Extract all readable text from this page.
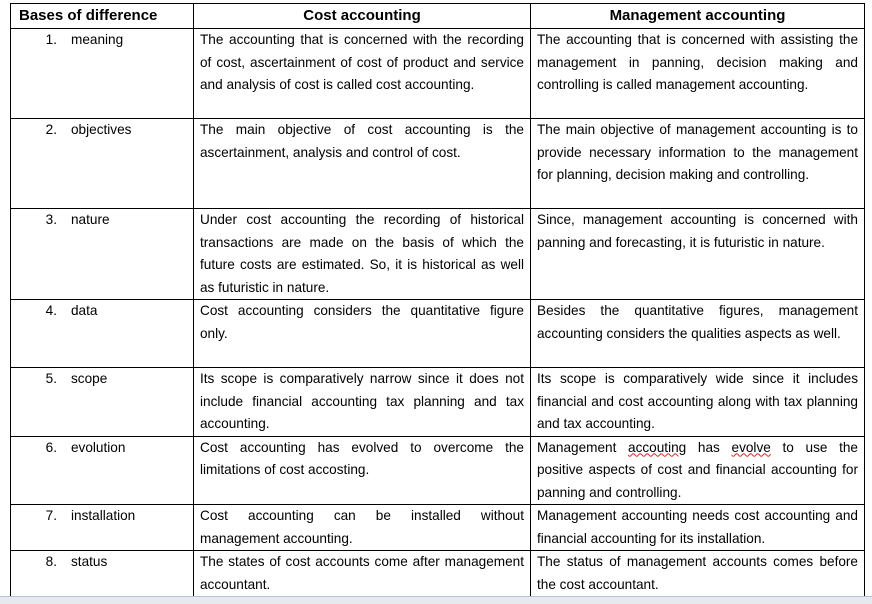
Bases of difference	Cost accounting	Management accounting

1. meaning	The accounting that is concerned with the recording of cost, ascertainment of cost of product and service and analysis of cost is called cost accounting.	The accounting that is concerned with assisting the management in panning, decision making and controlling is called management accounting.

2. objectives	The main objective of cost accounting is the ascertainment, analysis and control of cost.	The main objective of management accounting is to provide necessary information to the management for planning, decision making and controlling.

3. nature	Under cost accounting the recording of historical transactions are made on the basis of which the future costs are estimated. So, it is historical as well as futuristic in nature.	Since, management accounting is concerned with panning and forecasting, it is futuristic in nature.

4. data	Cost accounting considers the quantitative figure only.	Besides the quantitative figures, management accounting considers the qualities aspects as well.

5. scope	Its scope is comparatively narrow since it does not include financial accounting tax planning and tax accounting.	Its scope is comparatively wide since it includes financial and cost accounting along with tax planning and tax accounting.

6. evolution	Cost accounting has evolved to overcome the limitations of cost accosting.	Management accouting has evolve to use the positive aspects of cost and financial accounting for panning and controlling.

7. installation	Cost accounting can be installed without management accounting.	Management accounting needs cost accounting and financial accounting for its installation.

8. status	The states of cost accounts come after management accountant.	The status of management accounts comes before the cost accountant.
